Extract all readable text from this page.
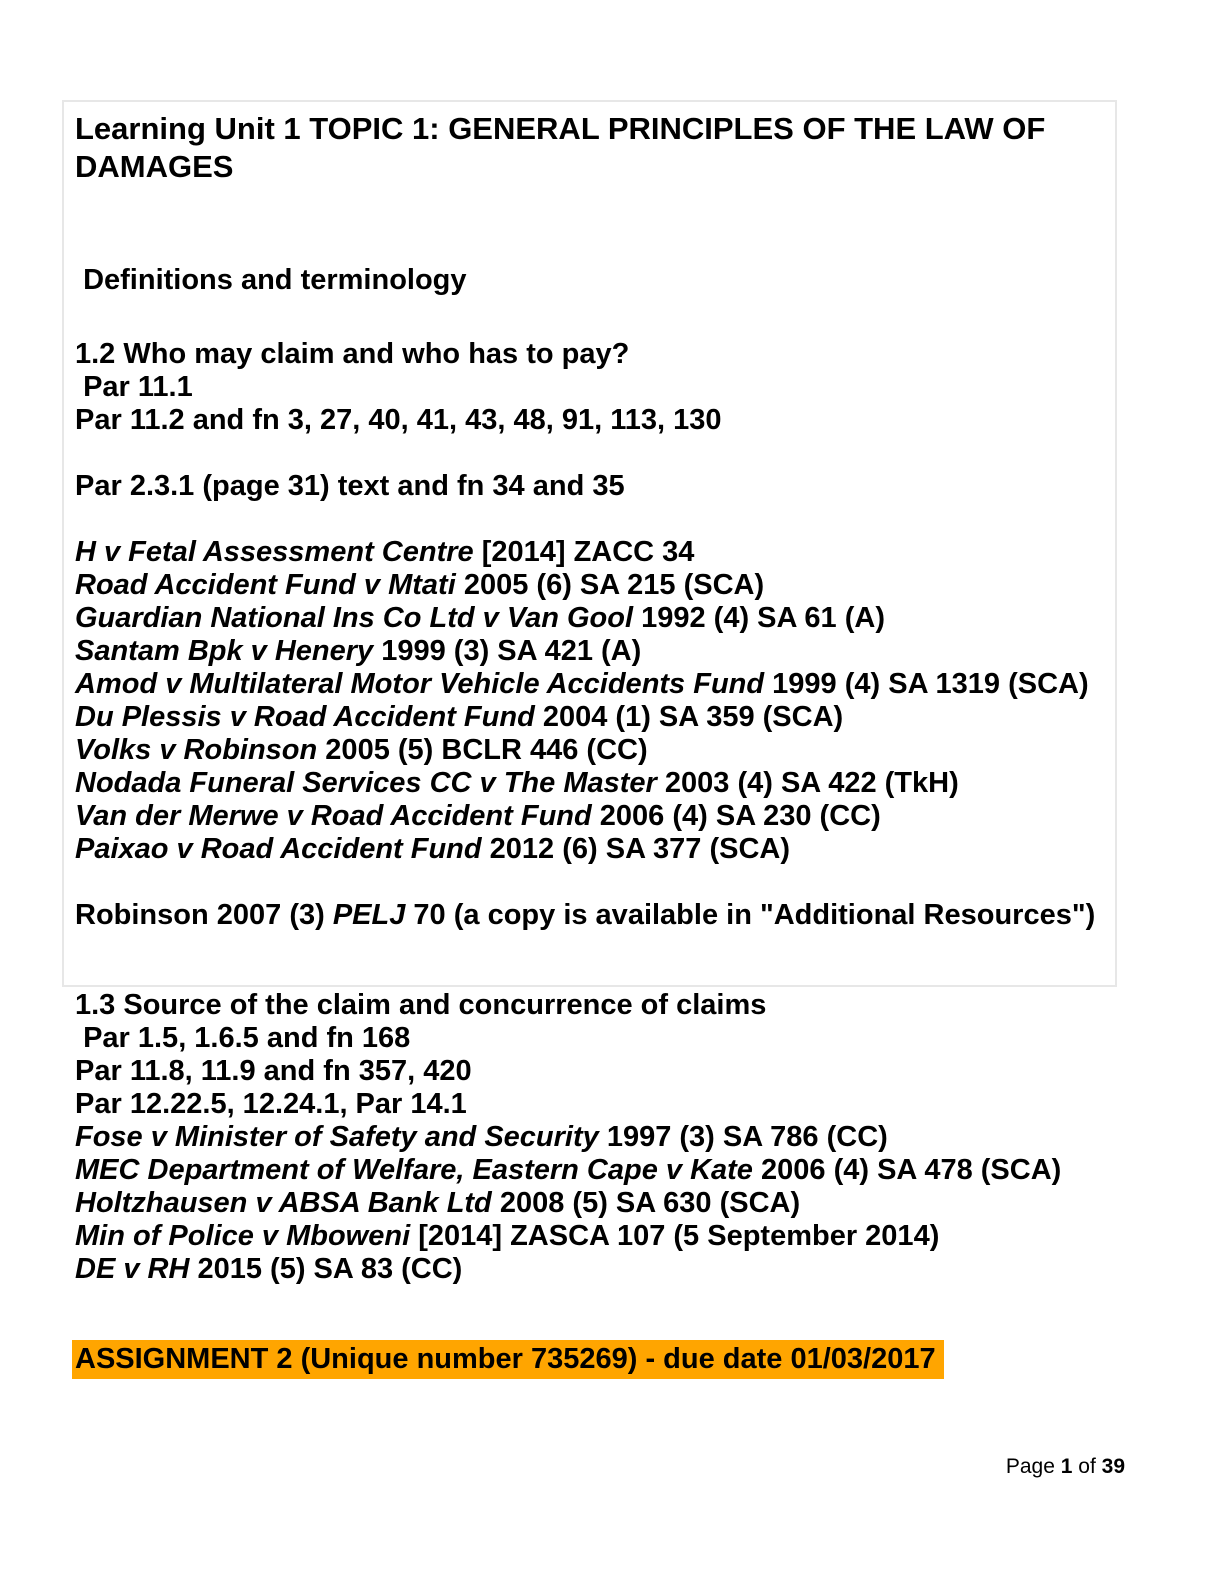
Learning Unit 1 TOPIC 1: GENERAL PRINCIPLES OF THE LAW OF DAMAGES

Definitions and terminology

1.2 Who may claim and who has to pay?

Par 11.1

Par 11.2 and fn 3, 27, 40, 41, 43, 48, 91, 113, 130

Par 2.3.1 (page 31) text and fn 34 and 35

H v Fetal Assessment Centre [2014] ZACC 34

Road Accident Fund v Mtati 2005 (6) SA 215 (SCA)

Guardian National Ins Co Ltd v Van Gool 1992 (4) SA 61 (A)

Santam Bpk v Henery 1999 (3) SA 421 (A)

Amod v Multilateral Motor Vehicle Accidents Fund 1999 (4) SA 1319 (SCA)

Du Plessis v Road Accident Fund 2004 (1) SA 359 (SCA)

Volks v Robinson 2005 (5) BCLR 446 (CC)

Nodada Funeral Services CC v The Master 2003 (4) SA 422 (TkH)

Van der Merwe v Road Accident Fund 2006 (4) SA 230 (CC)

Paixao v Road Accident Fund 2012 (6) SA 377 (SCA)

Robinson 2007 (3) PELJ 70 (a copy is available in "Additional Resources")

1.3 Source of the claim and concurrence of claims

Par 1.5, 1.6.5 and fn 168

Par 11.8, 11.9 and fn 357, 420

Par 12.22.5, 12.24.1, Par 14.1

Fose v Minister of Safety and Security 1997 (3) SA 786 (CC)

MEC Department of Welfare, Eastern Cape v Kate 2006 (4) SA 478 (SCA)

Holtzhausen v ABSA Bank Ltd 2008 (5) SA 630 (SCA)

Min of Police v Mboweni [2014] ZASCA 107 (5 September 2014)

DE v RH 2015 (5) SA 83 (CC)

ASSIGNMENT 2 (Unique number 735269) - due date 01/03/2017

Page 1 of 39
